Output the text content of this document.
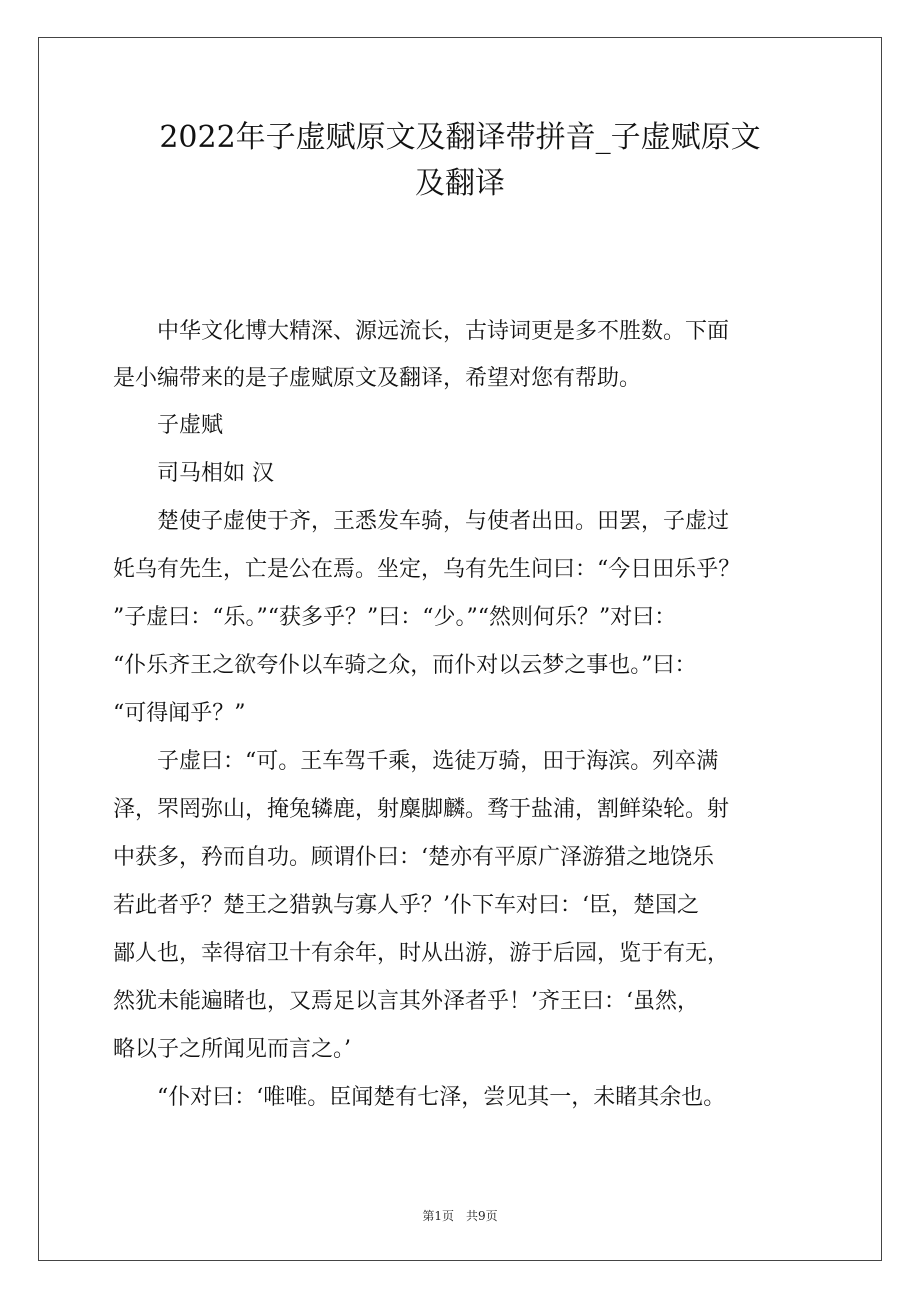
2022年子虚赋原文及翻译带拼音_子虚赋原文
及翻译
　　中华文化博大精深、源远流长，古诗词更是多不胜数。下面
是小编带来的是子虚赋原文及翻译，希望对您有帮助。
　　子虚赋
　　司马相如 汉
　　楚使子虚使于齐，王悉发车骑，与使者出田。田罢，子虚过
奼乌有先生，亡是公在焉。坐定，乌有先生问曰：“今日田乐乎？
”子虚曰：“乐。”“获多乎？”曰：“少。”“然则何乐？”对曰：
“仆乐齐王之欲夸仆以车骑之众，而仆对以云梦之事也。”曰：
“可得闻乎？”
　　子虚曰：“可。王车驾千乘，选徒万骑，田于海滨。列卒满
泽，罘罔弥山，掩兔辚鹿，射麋脚麟。骛于盐浦，割鲜染轮。射
中获多，矜而自功。顾谓仆曰：‘楚亦有平原广泽游猎之地饶乐
若此者乎？楚王之猎孰与寡人乎？’仆下车对曰：‘臣，楚国之
鄙人也，幸得宿卫十有余年，时从出游，游于后园，览于有无，
然犹未能遍睹也，又焉足以言其外泽者乎！’齐王曰：‘虽然，
略以子之所闻见而言之。’
　　“仆对曰：‘唯唯。臣闻楚有七泽，尝见其一，未睹其余也。
第1页　共9页
